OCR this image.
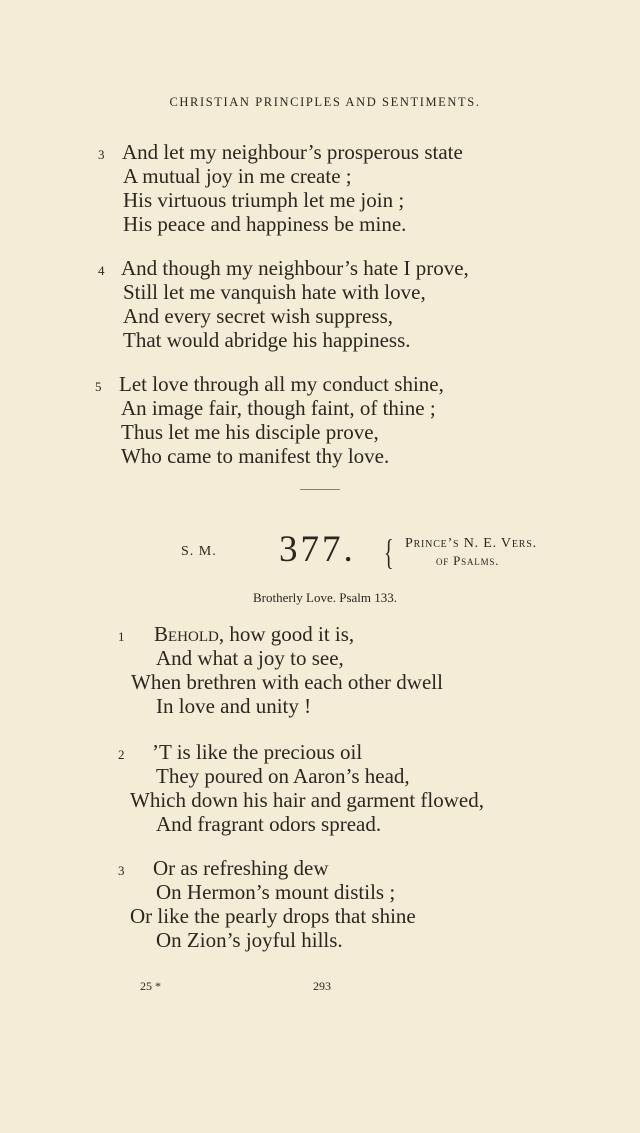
CHRISTIAN PRINCIPLES AND SENTIMENTS.
3 And let my neighbour’s prosperous state
A mutual joy in me create ;
His virtuous triumph let me join ;
His peace and happiness be mine.
4 And though my neighbour’s hate I prove,
Still let me vanquish hate with love,
And every secret wish suppress,
That would abridge his happiness.
5 Let love through all my conduct shine,
An image fair, though faint, of thine ;
Thus let me his disciple prove,
Who came to manifest thy love.
S. M. 377. { Prince’s N. E. Vers.
of Psalms.
Brotherly Love. Psalm 133.
1 Behold, how good it is,
And what a joy to see,
When brethren with each other dwell
In love and unity !
2 ’T is like the precious oil
They poured on Aaron’s head,
Which down his hair and garment flowed,
And fragrant odors spread.
3 Or as refreshing dew
On Hermon’s mount distils ;
Or like the pearly drops that shine
On Zion’s joyful hills.
25 *	293
